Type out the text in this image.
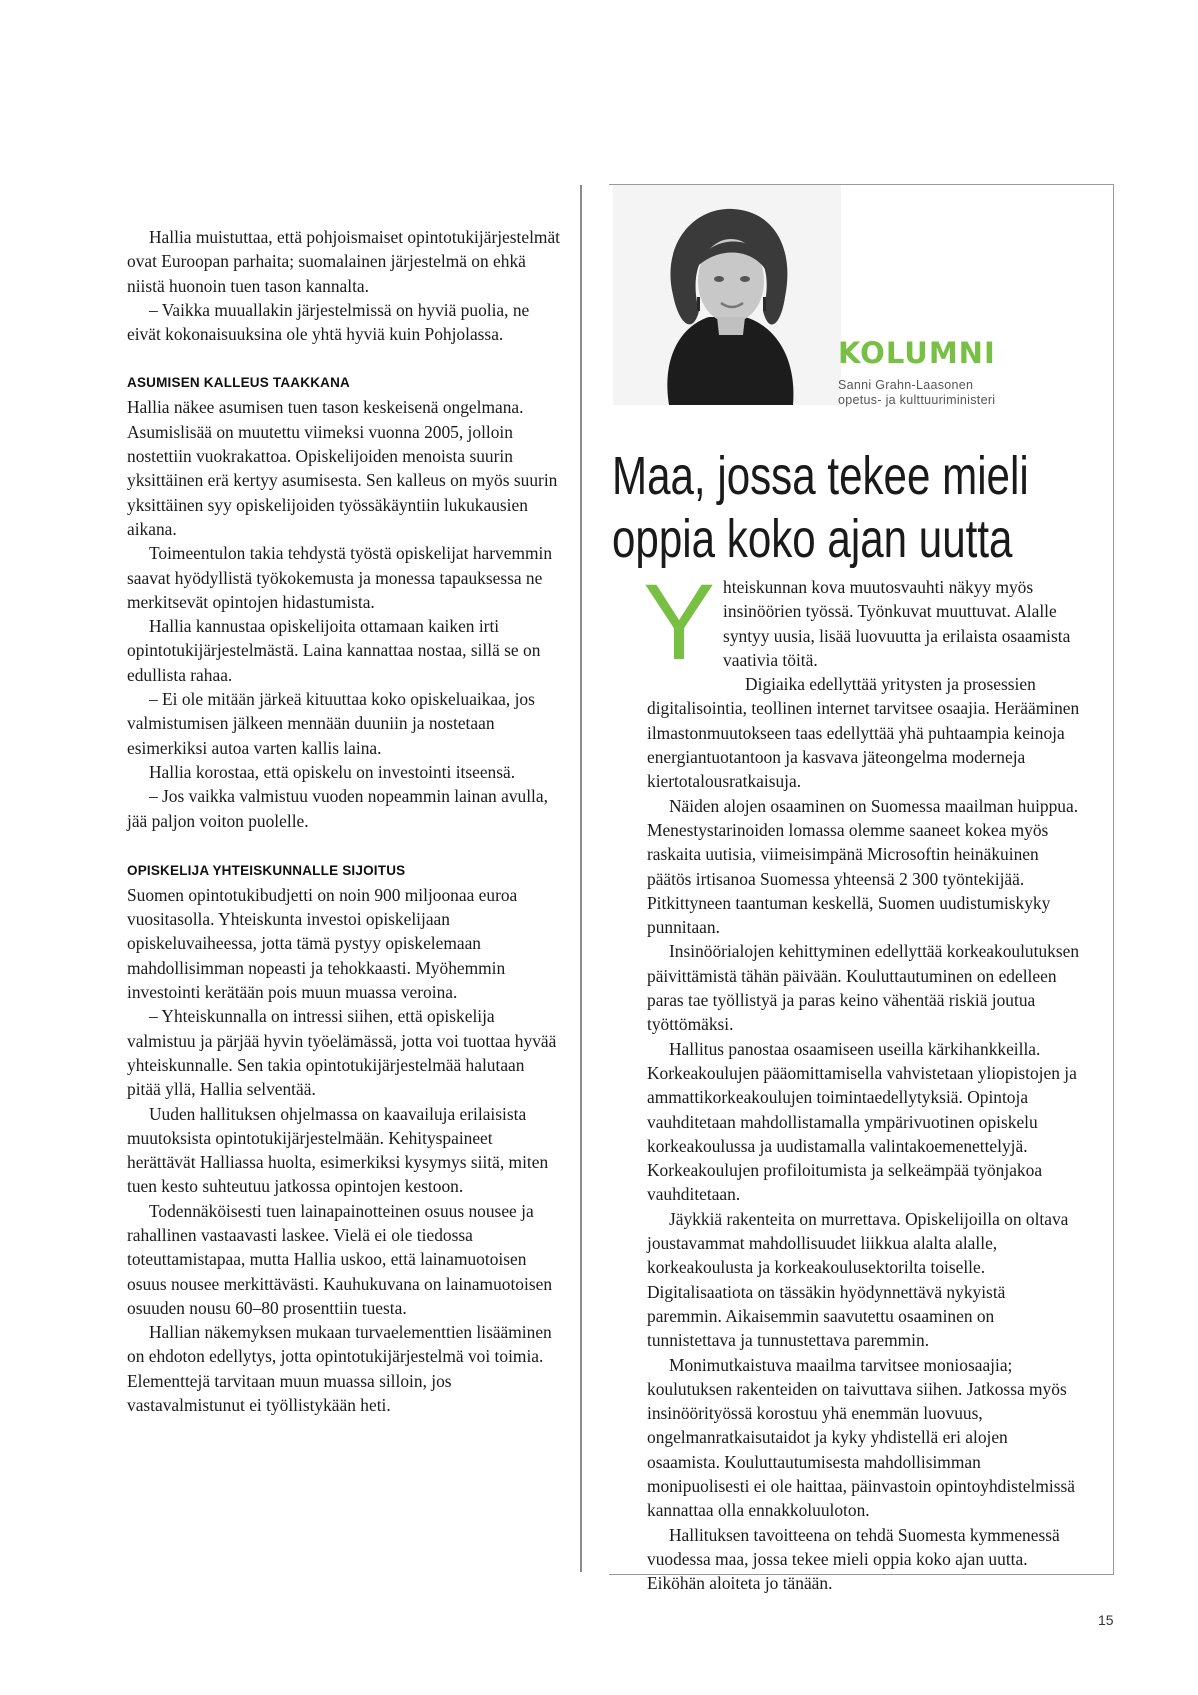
Hallia muistuttaa, että pohjoismaiset opintotukijärjestelmät ovat Euroopan parhaita; suomalainen järjestelmä on ehkä niistä huonoin tuen tason kannalta.

– Vaikka muuallakin järjestelmissä on hyviä puolia, ne eivät kokonaisuuksina ole yhtä hyviä kuin Pohjolassa.

ASUMISEN KALLEUS TAAKKANA

Hallia näkee asumisen tuen tason keskeisenä ongelmana. Asumislisää on muutettu viimeksi vuonna 2005, jolloin nostettiin vuokrakattoa. Opiskelijoiden menoista suurin yksittäinen erä kertyy asumisesta. Sen kalleus on myös suurin yksittäinen syy opiskelijoiden työssäkäyntiin lukukausien aikana.

Toimeentulon takia tehdystä työstä opiskelijat harvemmin saavat hyödyllistä työkokemusta ja monessa tapauksessa ne merkitsevät opintojen hidastumista.

Hallia kannustaa opiskelijoita ottamaan kaiken irti opintotukijärjestelmästä. Laina kannattaa nostaa, sillä se on edullista rahaa.

– Ei ole mitään järkeä kituuttaa koko opiskeluaikaa, jos valmistumisen jälkeen mennään duuniin ja nostetaan esimerkiksi autoa varten kallis laina.

Hallia korostaa, että opiskelu on investointi itseensä.

– Jos vaikka valmistuu vuoden nopeammin lainan avulla, jää paljon voiton puolelle.

OPISKELIJA YHTEISKUNNALLE SIJOITUS

Suomen opintotukibudjetti on noin 900 miljoonaa euroa vuositasolla. Yhteiskunta investoi opiskelijaan opiskeluvaiheessa, jotta tämä pystyy opiskelemaan mahdollisimman nopeasti ja tehokkaasti. Myöhemmin investointi kerätään pois muun muassa veroina.

– Yhteiskunnalla on intressi siihen, että opiskelija valmistuu ja pärjää hyvin työelämässä, jotta voi tuottaa hyvää yhteiskunnalle. Sen takia opintotukijärjestelmää halutaan pitää yllä, Hallia selventää.

Uuden hallituksen ohjelmassa on kaavailuja erilaisista muutoksista opintotukijärjestelmään. Kehityspaineet herättävät Halliassa huolta, esimerkiksi kysymys siitä, miten tuen kesto suhteutuu jatkossa opintojen kestoon.

Todennäköisesti tuen lainapainotteinen osuus nousee ja rahallinen vastaavasti laskee. Vielä ei ole tiedossa toteuttamistapaa, mutta Hallia uskoo, että lainamuotoisen osuus nousee merkittävästi. Kauhukuvana on lainamuotoisen osuuden nousu 60–80 prosenttiin tuesta.

Hallian näkemyksen mukaan turvaelementtien lisääminen on ehdoton edellytys, jotta opintotukijärjestelmä voi toimia. Elementtejä tarvitaan muun muassa silloin, jos vastavalmistunut ei työllistykään heti.

KOLUMNI
Sanni Grahn-Laasonen
opetus- ja kulttuuriministeri
Maa, jossa tekee mieli
oppia koko ajan uutta

Yhteiskunnan kova muutosvauhti näkyy myös insinöörien työssä. Työnkuvat muuttuvat. Alalle syntyy uusia, lisää luovuutta ja erilaista osaamista vaativia töitä.

Digiaika edellyttää yritysten ja prosessien digitalisointia, teollinen internet tarvitsee osaajia. Herääminen ilmastonmuutokseen taas edellyttää yhä puhtaampia keinoja energiantuotantoon ja kasvava jäteongelma moderneja kiertotalousratkaisuja.

Näiden alojen osaaminen on Suomessa maailman huippua. Menestystarinoiden lomassa olemme saaneet kokea myös raskaita uutisia, viimeisimpänä Microsoftin heinäkuinen päätös irtisanoa Suomessa yhteensä 2 300 työntekijää. Pitkittyneen taantuman keskellä, Suomen uudistumiskyky punnitaan.

Insinöörialojen kehittyminen edellyttää korkeakoulutuksen päivittämistä tähän päivään. Kouluttautuminen on edelleen paras tae työllistyä ja paras keino vähentää riskiä joutua työttömäksi.

Hallitus panostaa osaamiseen useilla kärkihankkeilla. Korkeakoulujen pääomittamisella vahvistetaan yliopistojen ja ammattikorkeakoulujen toimintaedellytyksiä. Opintoja vauhditetaan mahdollistamalla ympärivuotinen opiskelu korkeakoulussa ja uudistamalla valintakoemenettelyjä. Korkeakoulujen profiloitumista ja selkeämpää työnjakoa vauhditetaan.

Jäykkiä rakenteita on murrettava. Opiskelijoilla on oltava joustavammat mahdollisuudet liikkua alalta alalle, korkeakoulusta ja korkeakoulusektorilta toiselle. Digitalisaatiota on tässäkin hyödynnettävä nykyistä paremmin. Aikaisemmin saavutettu osaaminen on tunnistettava ja tunnustettava paremmin.

Monimutkaistuva maailma tarvitsee moniosaajia; koulutuksen rakenteiden on taivuttava siihen. Jatkossa myös insinöörityössä korostuu yhä enemmän luovuus, ongelmanratkaisutaidot ja kyky yhdistellä eri alojen osaamista. Kouluttautumisesta mahdollisimman monipuolisesti ei ole haittaa, päinvastoin opintoyhdistelmissä kannattaa olla ennakkoluuloton.

Hallituksen tavoitteena on tehdä Suomesta kymmenessä vuodessa maa, jossa tekee mieli oppia koko ajan uutta. Eiköhän aloiteta jo tänään.

15
